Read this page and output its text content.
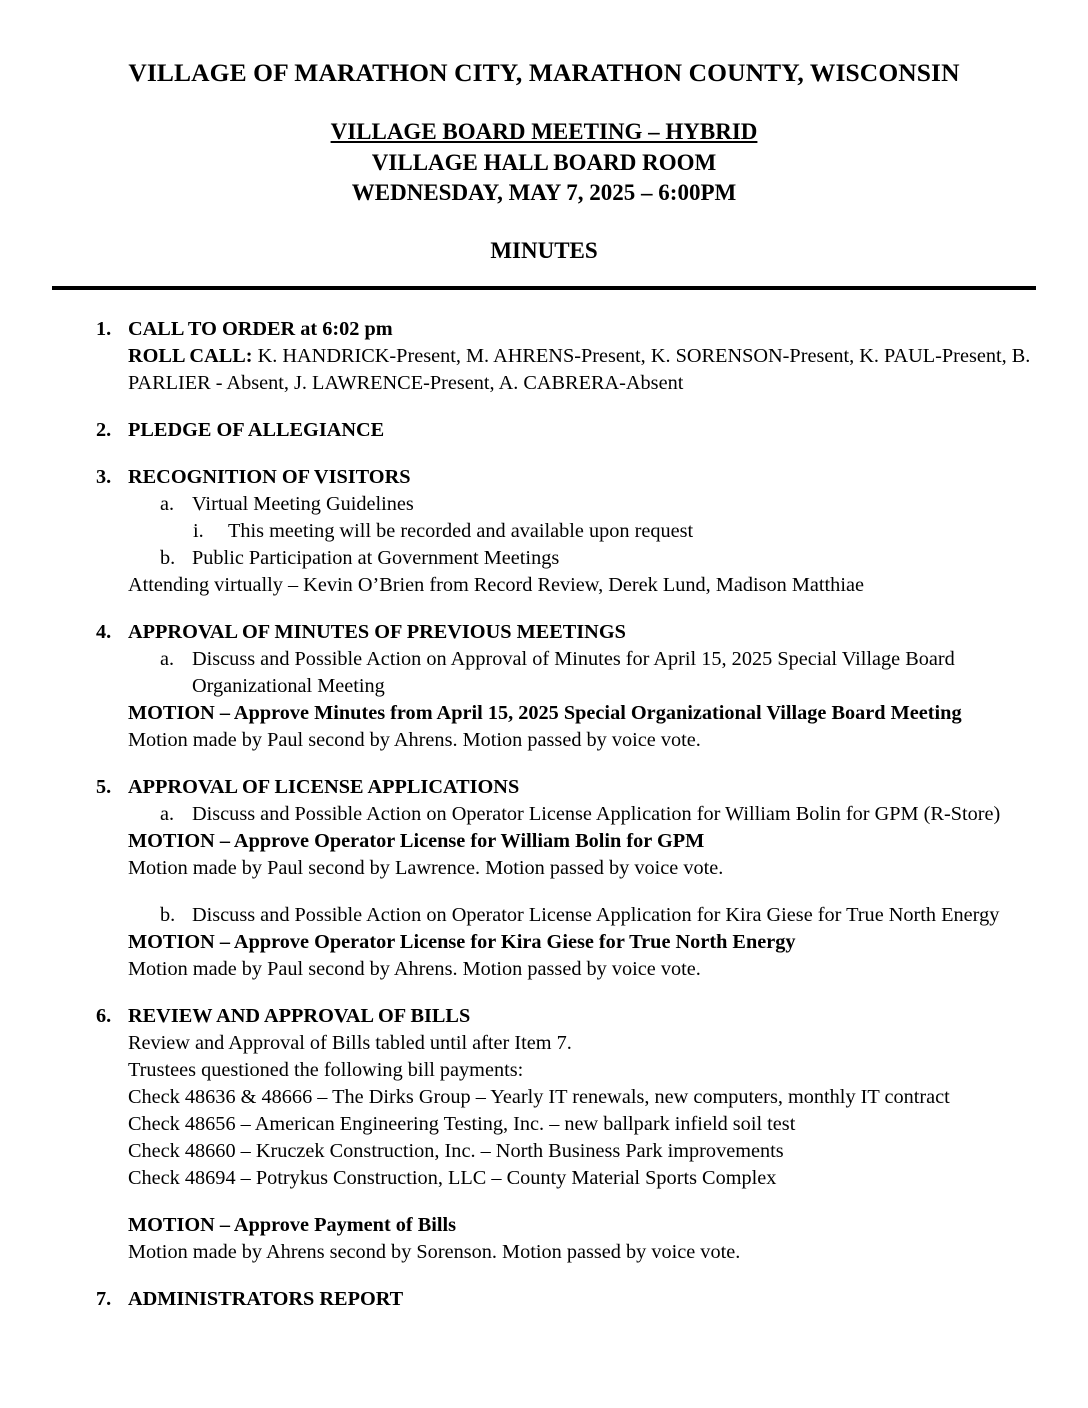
VILLAGE OF MARATHON CITY, MARATHON COUNTY, WISCONSIN
VILLAGE BOARD MEETING – HYBRID
VILLAGE HALL BOARD ROOM
WEDNESDAY, MAY 7, 2025 – 6:00PM
MINUTES
1. CALL TO ORDER at 6:02 pm
ROLL CALL: K. HANDRICK-Present, M. AHRENS-Present, K. SORENSON-Present, K. PAUL-Present, B. PARLIER - Absent, J. LAWRENCE-Present, A. CABRERA-Absent
2. PLEDGE OF ALLEGIANCE
3. RECOGNITION OF VISITORS
a. Virtual Meeting Guidelines
i.	This meeting will be recorded and available upon request
b. Public Participation at Government Meetings
Attending virtually – Kevin O’Brien from Record Review, Derek Lund, Madison Matthiae
4. APPROVAL OF MINUTES OF PREVIOUS MEETINGS
a. Discuss and Possible Action on Approval of Minutes for April 15, 2025 Special Village Board Organizational Meeting
MOTION – Approve Minutes from April 15, 2025 Special Organizational Village Board Meeting
Motion made by Paul second by Ahrens. Motion passed by voice vote.
5. APPROVAL OF LICENSE APPLICATIONS
a. Discuss and Possible Action on Operator License Application for William Bolin for GPM (R-Store)
MOTION – Approve Operator License for William Bolin for GPM
Motion made by Paul second by Lawrence. Motion passed by voice vote.
b. Discuss and Possible Action on Operator License Application for Kira Giese for True North Energy
MOTION – Approve Operator License for Kira Giese for True North Energy
Motion made by Paul second by Ahrens. Motion passed by voice vote.
6. REVIEW AND APPROVAL OF BILLS
Review and Approval of Bills tabled until after Item 7.
Trustees questioned the following bill payments:
Check 48636 & 48666 – The Dirks Group – Yearly IT renewals, new computers, monthly IT contract
Check 48656 – American Engineering Testing, Inc. – new ballpark infield soil test
Check 48660 – Kruczek Construction, Inc. – North Business Park improvements
Check 48694 – Potrykus Construction, LLC – County Material Sports Complex
MOTION – Approve Payment of Bills
Motion made by Ahrens second by Sorenson. Motion passed by voice vote.
7. ADMINISTRATORS REPORT
